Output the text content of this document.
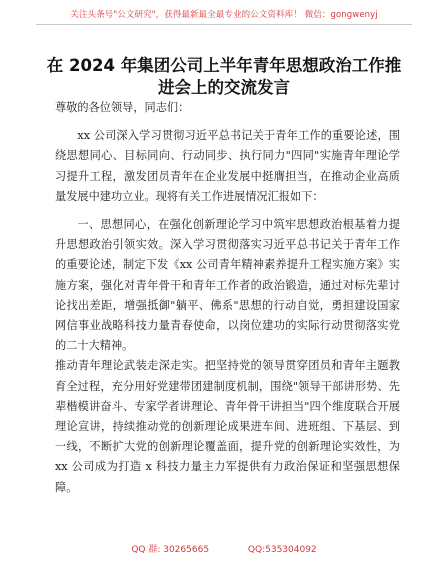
关注头条号"公文研究"，获得最新最全最专业的公文资料库！ 微信：gongwenyj
在 2024 年集团公司上半年青年思想政治工作推
进会上的交流发言

尊敬的各位领导，同志们：

xx 公司深入学习贯彻习近平总书记关于青年工作的重要论述，围绕思想同心、目标同向、行动同步、执行同力"四同"实施青年理论学习提升工程，激发团员青年在企业发展中挺膺担当，在推动企业高质量发展中建功立业。现将有关工作进展情况汇报如下：

一、思想同心，在强化创新理论学习中筑牢思想政治根基着力提升思想政治引领实效。深入学习贯彻落实习近平总书记关于青年工作的重要论述，制定下发《xx 公司青年精神素养提升工程实施方案》实施方案，强化对青年骨干和青年工作者的政治锻造，通过对标先辈讨论找出差距，增强抵御"躺平、佛系"思想的行动自觉，勇担建设国家网信事业战略科技力量青春使命，以岗位建功的实际行动贯彻落实党的二十大精神。

推动青年理论武装走深走实。把坚持党的领导贯穿团员和青年主题教育全过程，充分用好党建带团建制度机制，围绕"领导干部讲形势、先辈楷模讲奋斗、专家学者讲理论、青年骨干讲担当"四个维度联合开展理论宣讲，持续推动党的创新理论成果进车间、进班组、下基层、到一线，不断扩大党的创新理论覆盖面，提升党的创新理论实效性，为 xx 公司成为打造 x 科技力量主力军提供有力政治保证和坚强思想保障。

QQ 群: 30265665	QQ:535304092
